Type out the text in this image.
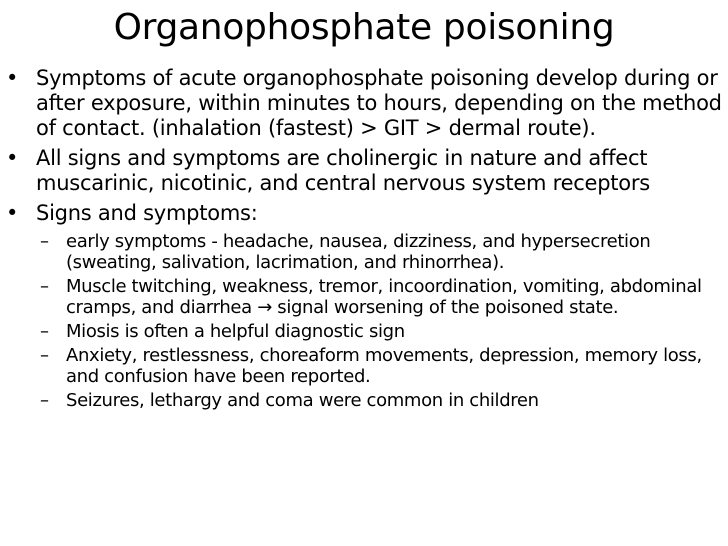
Organophosphate poisoning
• Symptoms of acute organophosphate poisoning develop during or after exposure, within minutes to hours, depending on the method of contact. (inhalation (fastest) > GIT > dermal route).
• All signs and symptoms are cholinergic in nature and affect muscarinic, nicotinic, and central nervous system receptors
• Signs and symptoms:
– early symptoms - headache, nausea, dizziness, and hypersecretion (sweating, salivation, lacrimation, and rhinorrhea).
– Muscle twitching, weakness, tremor, incoordination, vomiting, abdominal cramps, and diarrhea → signal worsening of the poisoned state.
– Miosis is often a helpful diagnostic sign
– Anxiety, restlessness, choreaform movements, depression, memory loss, and confusion have been reported.
– Seizures, lethargy and coma were common in children
